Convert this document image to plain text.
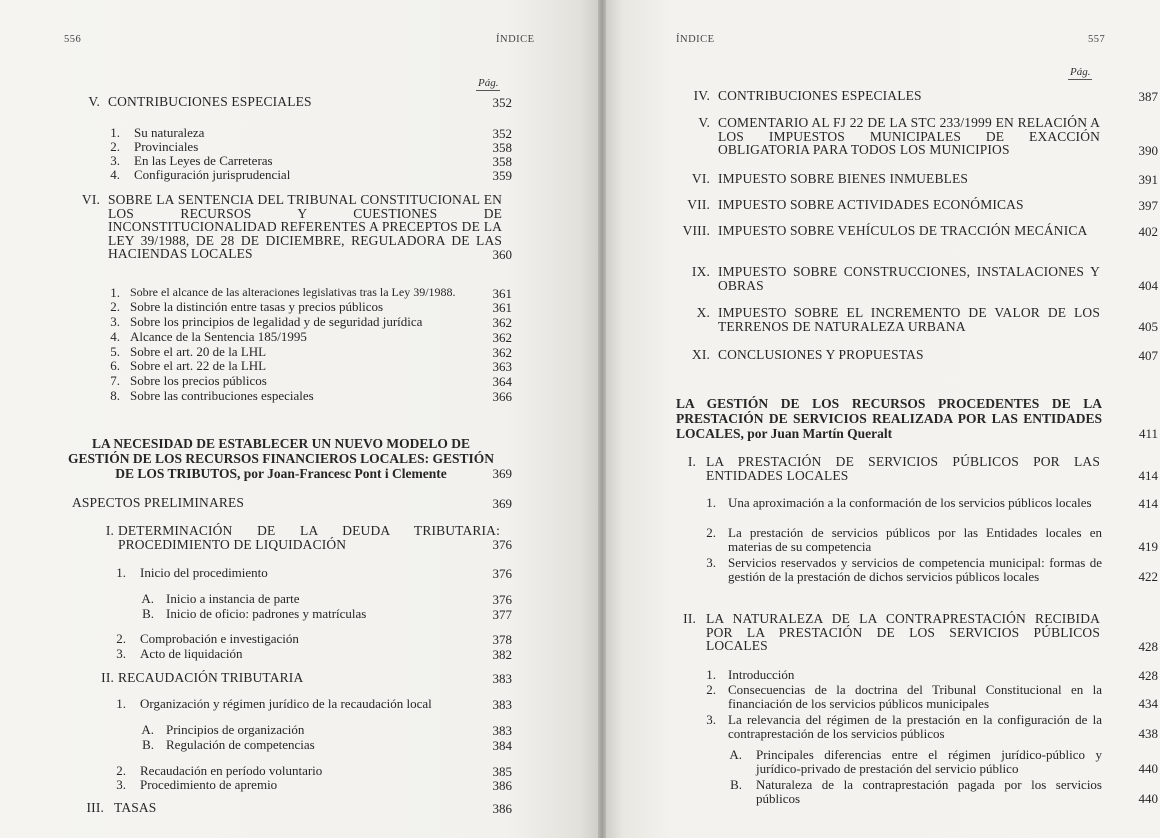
556	ÍNDICE
Pág.
V. CONTRIBUCIONES ESPECIALES	352
1. Su naturaleza	352
2. Provinciales	358
3. En las Leyes de Carreteras	358
4. Configuración jurisprudencial	359
VI. SOBRE LA SENTENCIA DEL TRIBUNAL CONSTITUCIONAL EN LOS RECURSOS Y CUESTIONES DE INCONSTITUCIONALIDAD REFERENTES A PRECEPTOS DE LA LEY 39/1988, DE 28 DE DICIEMBRE, REGULADORA DE LAS HACIENDAS LOCALES	360
1. Sobre el alcance de las alteraciones legislativas tras la Ley 39/1988.	361
2. Sobre la distinción entre tasas y precios públicos	361
3. Sobre los principios de legalidad y de seguridad jurídica	362
4. Alcance de la Sentencia 185/1995	362
5. Sobre el art. 20 de la LHL	362
6. Sobre el art. 22 de la LHL	363
7. Sobre los precios públicos	364
8. Sobre las contribuciones especiales	366
LA NECESIDAD DE ESTABLECER UN NUEVO MODELO DE GESTIÓN DE LOS RECURSOS FINANCIEROS LOCALES: GESTIÓN DE LOS TRIBUTOS, por Joan-Francesc Pont i Clemente	369
ASPECTOS PRELIMINARES	369
I. DETERMINACIÓN DE LA DEUDA TRIBUTARIA: PROCEDIMIENTO DE LIQUIDACIÓN	376
1. Inicio del procedimiento	376
A. Inicio a instancia de parte	376
B. Inicio de oficio: padrones y matrículas	377
2. Comprobación e investigación	378
3. Acto de liquidación	382
II. RECAUDACIÓN TRIBUTARIA	383
1. Organización y régimen jurídico de la recaudación local	383
A. Principios de organización	383
B. Regulación de competencias	384
2. Recaudación en período voluntario	385
3. Procedimiento de apremio	386
III. TASAS	386
ÍNDICE	557
Pág.
IV. CONTRIBUCIONES ESPECIALES	387
V. COMENTARIO AL FJ 22 DE LA STC 233/1999 EN RELACIÓN A LOS IMPUESTOS MUNICIPALES DE EXACCIÓN OBLIGATORIA PARA TODOS LOS MUNICIPIOS	390
VI. IMPUESTO SOBRE BIENES INMUEBLES	391
VII. IMPUESTO SOBRE ACTIVIDADES ECONÓMICAS	397
VIII. IMPUESTO SOBRE VEHÍCULOS DE TRACCIÓN MECÁNICA	402
IX. IMPUESTO SOBRE CONSTRUCCIONES, INSTALACIONES Y OBRAS	404
X. IMPUESTO SOBRE EL INCREMENTO DE VALOR DE LOS TERRENOS DE NATURALEZA URBANA	405
XI. CONCLUSIONES Y PROPUESTAS	407
LA GESTIÓN DE LOS RECURSOS PROCEDENTES DE LA PRESTACIÓN DE SERVICIOS REALIZADA POR LAS ENTIDADES LOCALES, por Juan Martín Queralt	411
I. LA PRESTACIÓN DE SERVICIOS PÚBLICOS POR LAS ENTIDADES LOCALES	414
1. Una aproximación a la conformación de los servicios públicos locales	414
2. La prestación de servicios públicos por las Entidades locales en materias de su competencia	419
3. Servicios reservados y servicios de competencia municipal: formas de gestión de la prestación de dichos servicios públicos locales	422
II. LA NATURALEZA DE LA CONTRAPRESTACIÓN RECIBIDA POR LA PRESTACIÓN DE LOS SERVICIOS PÚBLICOS LOCALES	428
1. Introducción	428
2. Consecuencias de la doctrina del Tribunal Constitucional en la financiación de los servicios públicos municipales	434
3. La relevancia del régimen de la prestación en la configuración de la contraprestación de los servicios públicos	438
A. Principales diferencias entre el régimen jurídico-público y jurídico-privado de prestación del servicio público	440
B. Naturaleza de la contraprestación pagada por los servicios públicos	440
